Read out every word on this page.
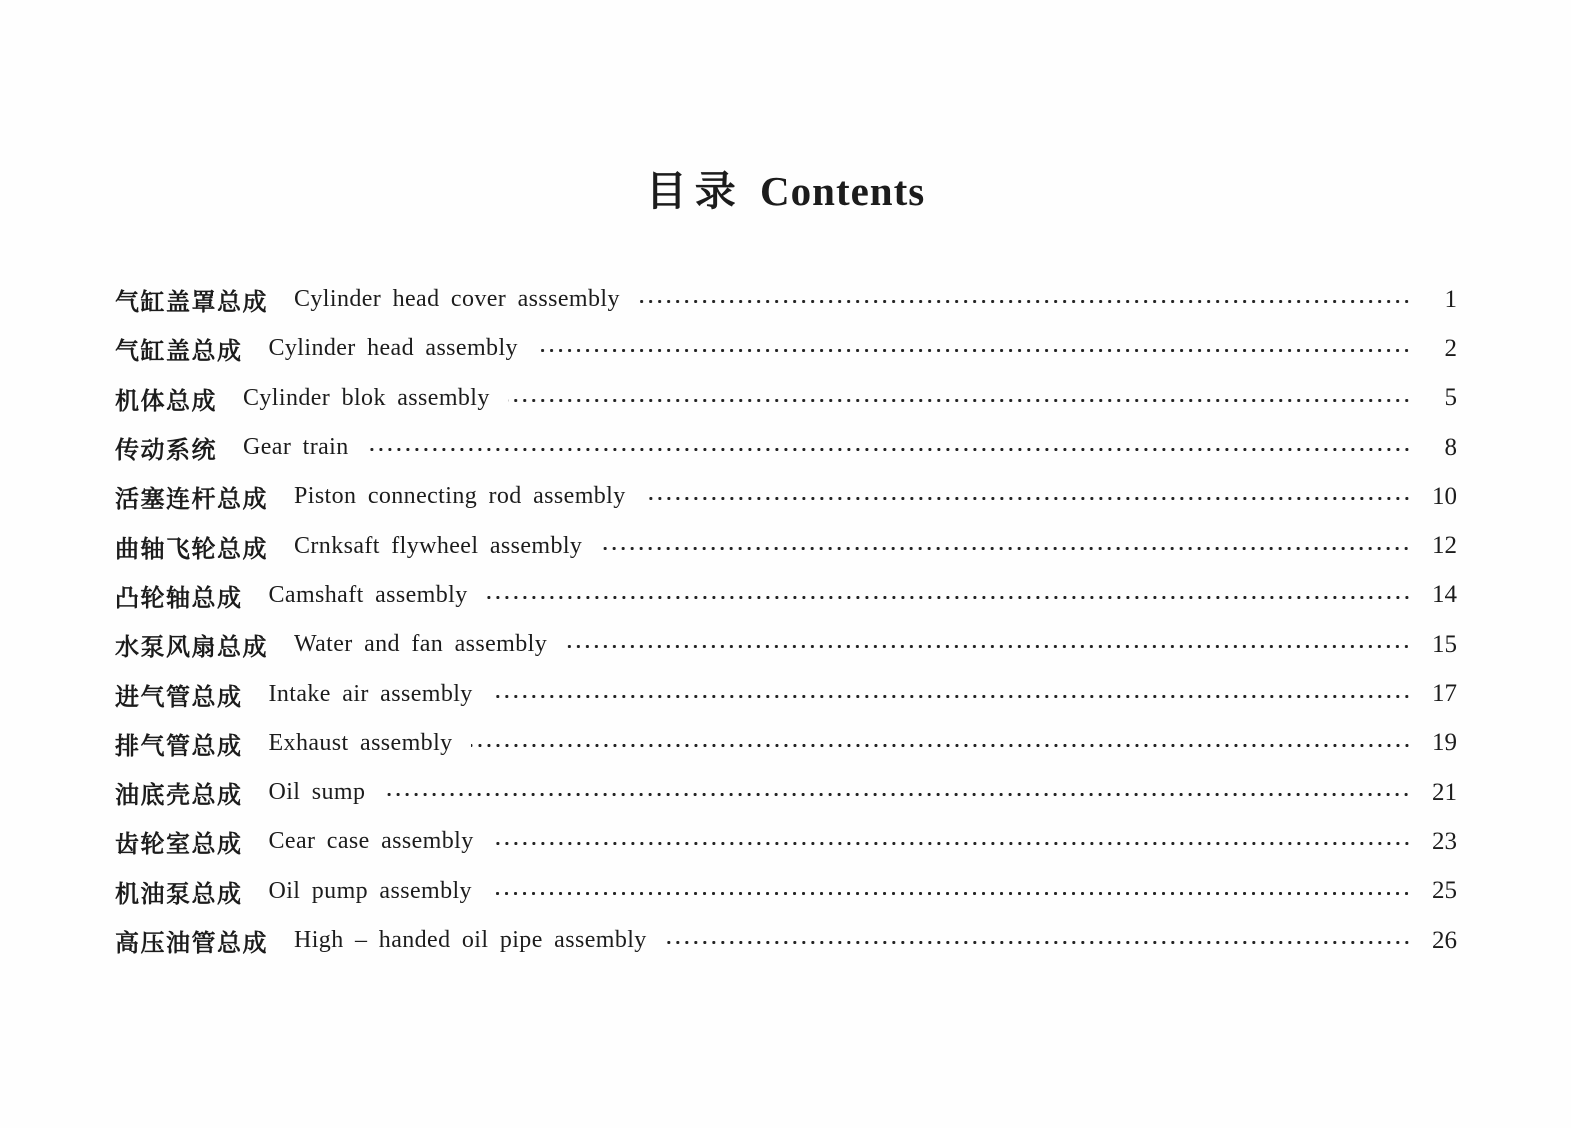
目录 Contents
气缸盖罩总成 Cylinder head cover asssembly	1
气缸盖总成 Cylinder head assembly	2
机体总成 Cylinder blok assembly	5
传动系统 Gear train	8
活塞连杆总成 Piston connecting rod assembly	10
曲轴飞轮总成 Crnksaft flywheel assembly	12
凸轮轴总成 Camshaft assembly	14
水泵风扇总成 Water and fan assembly	15
进气管总成 Intake air assembly	17
排气管总成 Exhaust assembly	19
油底壳总成 Oil sump	21
齿轮室总成 Cear case assembly	23
机油泵总成 Oil pump assembly	25
高压油管总成 High – handed oil pipe assembly	26
